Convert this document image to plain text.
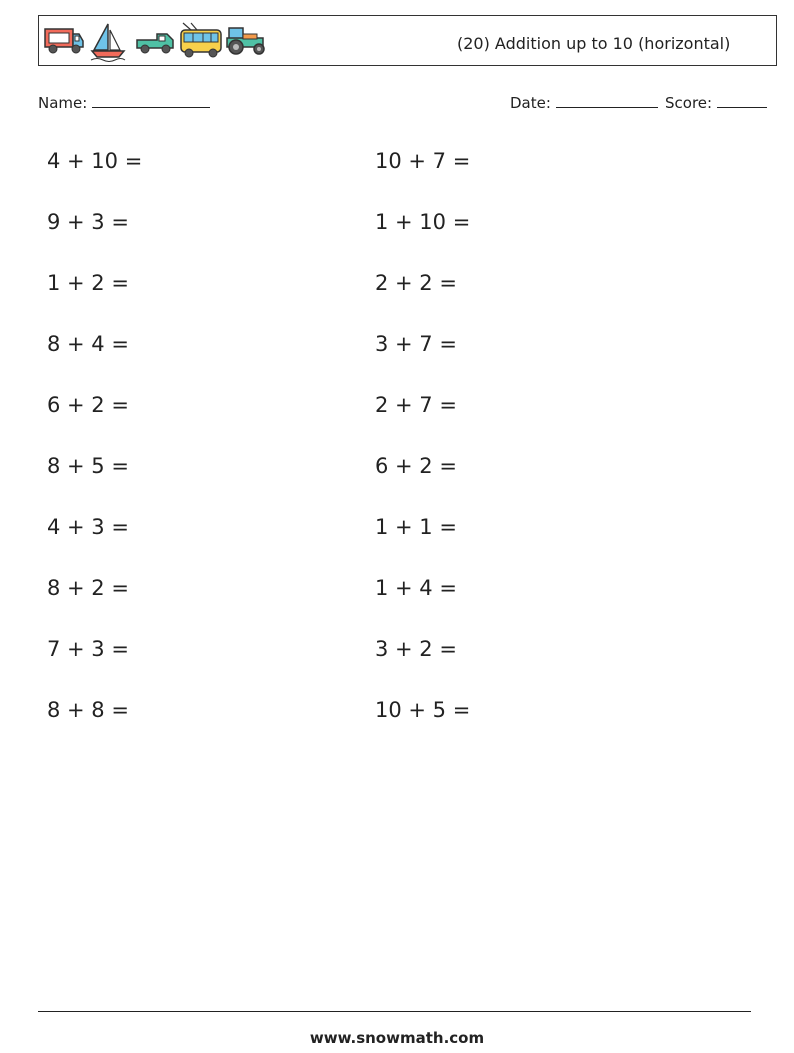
(20) Addition up to 10 (horizontal)
Name:	Date:	Score:
4 + 10 =
9 + 3 =
1 + 2 =
8 + 4 =
6 + 2 =
8 + 5 =
4 + 3 =
8 + 2 =
7 + 3 =
8 + 8 =
10 + 7 =
1 + 10 =
2 + 2 =
3 + 7 =
2 + 7 =
6 + 2 =
1 + 1 =
1 + 4 =
3 + 2 =
10 + 5 =
www.snowmath.com
